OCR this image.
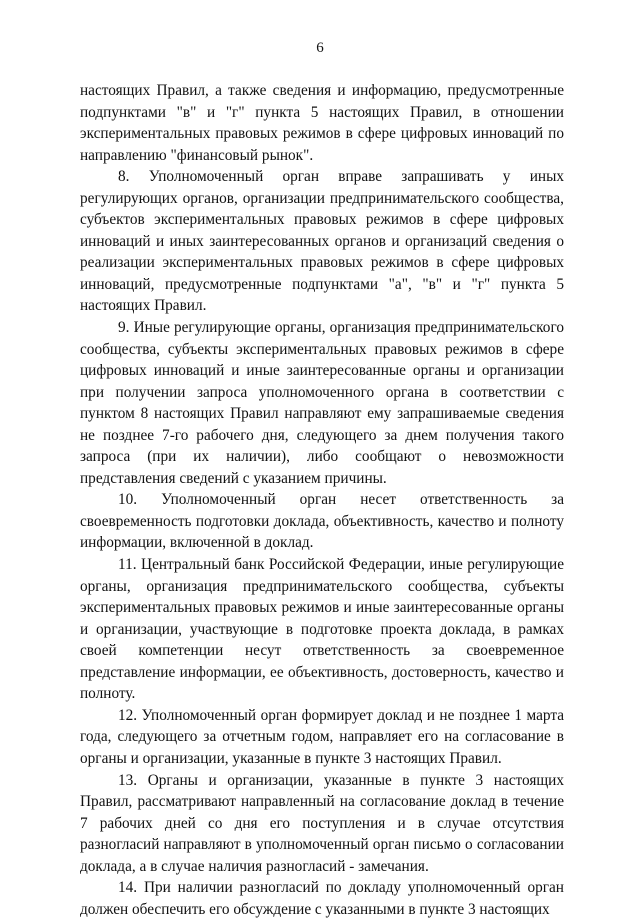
6

настоящих Правил, а также сведения и информацию, предусмотренные подпунктами "в" и "г" пункта 5 настоящих Правил, в отношении экспериментальных правовых режимов в сфере цифровых инноваций по направлению "финансовый рынок".

8. Уполномоченный орган вправе запрашивать у иных регулирующих органов, организации предпринимательского сообщества, субъектов экспериментальных правовых режимов в сфере цифровых инноваций и иных заинтересованных органов и организаций сведения о реализации экспериментальных правовых режимов в сфере цифровых инноваций, предусмотренные подпунктами "а", "в" и "г" пункта 5 настоящих Правил.

9. Иные регулирующие органы, организация предпринимательского сообщества, субъекты экспериментальных правовых режимов в сфере цифровых инноваций и иные заинтересованные органы и организации при получении запроса уполномоченного органа в соответствии с пунктом 8 настоящих Правил направляют ему запрашиваемые сведения не позднее 7-го рабочего дня, следующего за днем получения такого запроса (при их наличии), либо сообщают о невозможности представления сведений с указанием причины.

10. Уполномоченный орган несет ответственность за своевременность подготовки доклада, объективность, качество и полноту информации, включенной в доклад.

11. Центральный банк Российской Федерации, иные регулирующие органы, организация предпринимательского сообщества, субъекты экспериментальных правовых режимов и иные заинтересованные органы и организации, участвующие в подготовке проекта доклада, в рамках своей компетенции несут ответственность за своевременное представление информации, ее объективность, достоверность, качество и полноту.

12. Уполномоченный орган формирует доклад и не позднее 1 марта года, следующего за отчетным годом, направляет его на согласование в органы и организации, указанные в пункте 3 настоящих Правил.

13. Органы и организации, указанные в пункте 3 настоящих Правил, рассматривают направленный на согласование доклад в течение 7 рабочих дней со дня его поступления и в случае отсутствия разногласий направляют в уполномоченный орган письмо о согласовании доклада, а в случае наличия разногласий - замечания.

14. При наличии разногласий по докладу уполномоченный орган должен обеспечить его обсуждение с указанными в пункте 3 настоящих
